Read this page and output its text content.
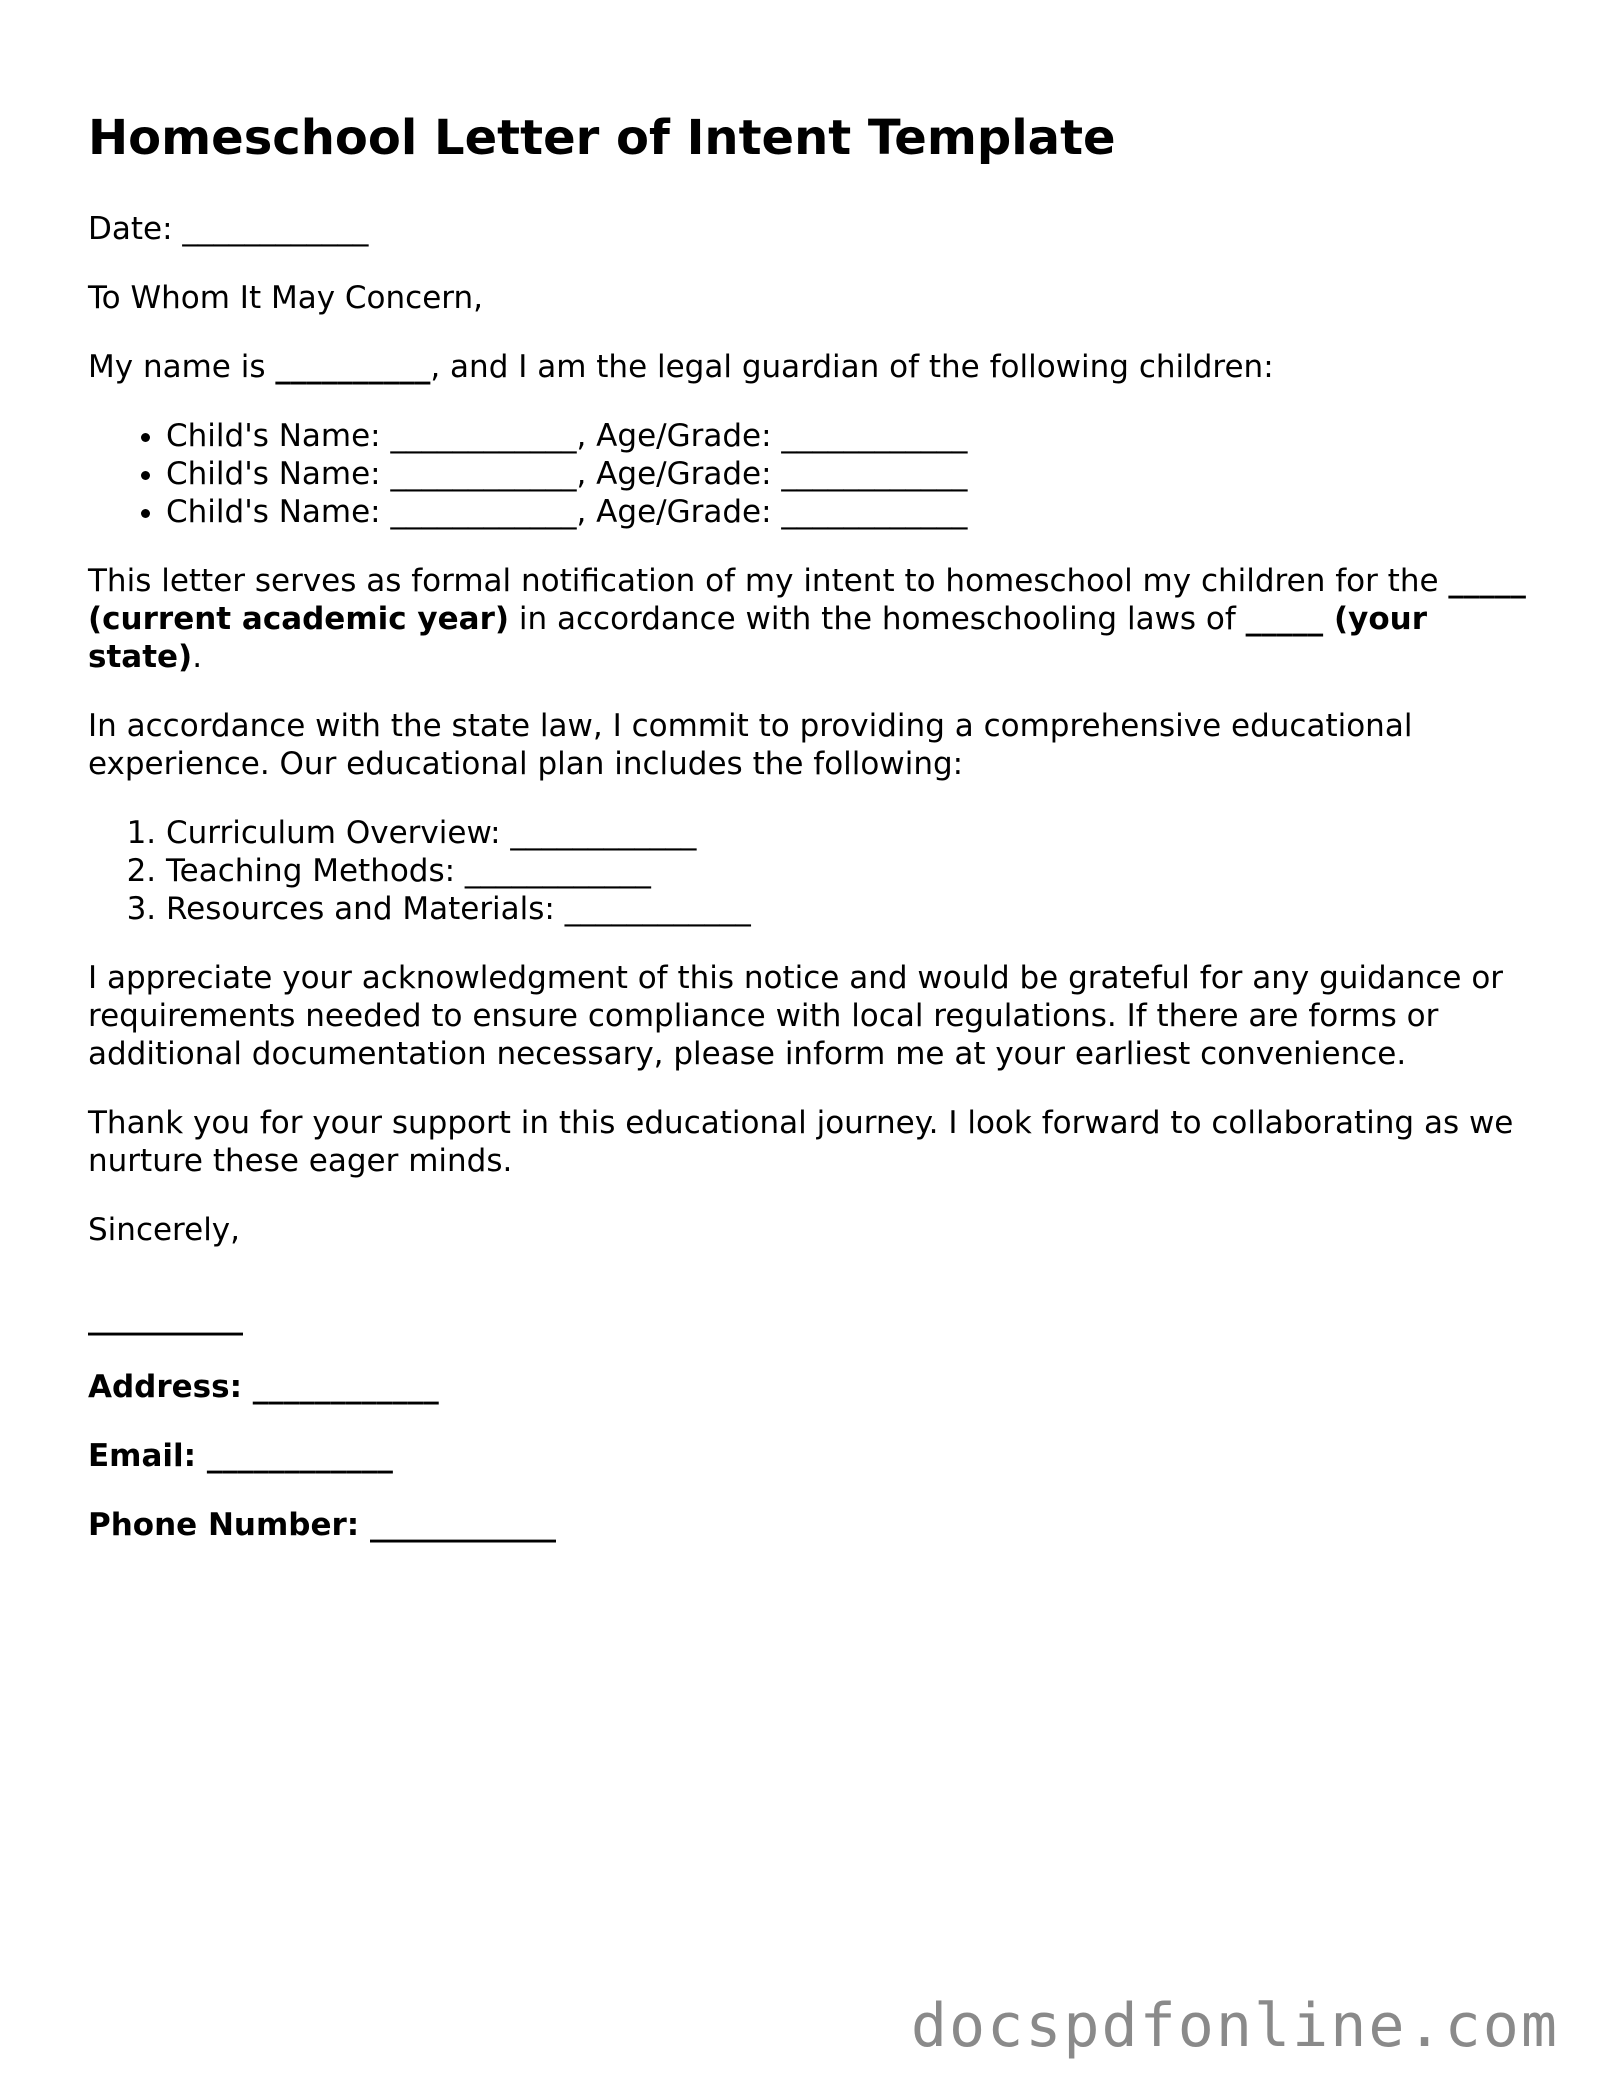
Homeschool Letter of Intent Template

Date: ____________

To Whom It May Concern,

My name is __________, and I am the legal guardian of the following children:

• Child's Name: ____________, Age/Grade: ____________
• Child's Name: ____________, Age/Grade: ____________
• Child's Name: ____________, Age/Grade: ____________

This letter serves as formal notification of my intent to homeschool my children for the _____ (current academic year) in accordance with the homeschooling laws of _____ (your state).

In accordance with the state law, I commit to providing a comprehensive educational experience. Our educational plan includes the following:

1. Curriculum Overview: ____________
2. Teaching Methods: ____________
3. Resources and Materials: ____________

I appreciate your acknowledgment of this notice and would be grateful for any guidance or requirements needed to ensure compliance with local regulations. If there are forms or additional documentation necessary, please inform me at your earliest convenience.

Thank you for your support in this educational journey. I look forward to collaborating as we nurture these eager minds.

Sincerely,

__________

Address: ____________

Email: ____________

Phone Number: ____________

docspdfonline.com
